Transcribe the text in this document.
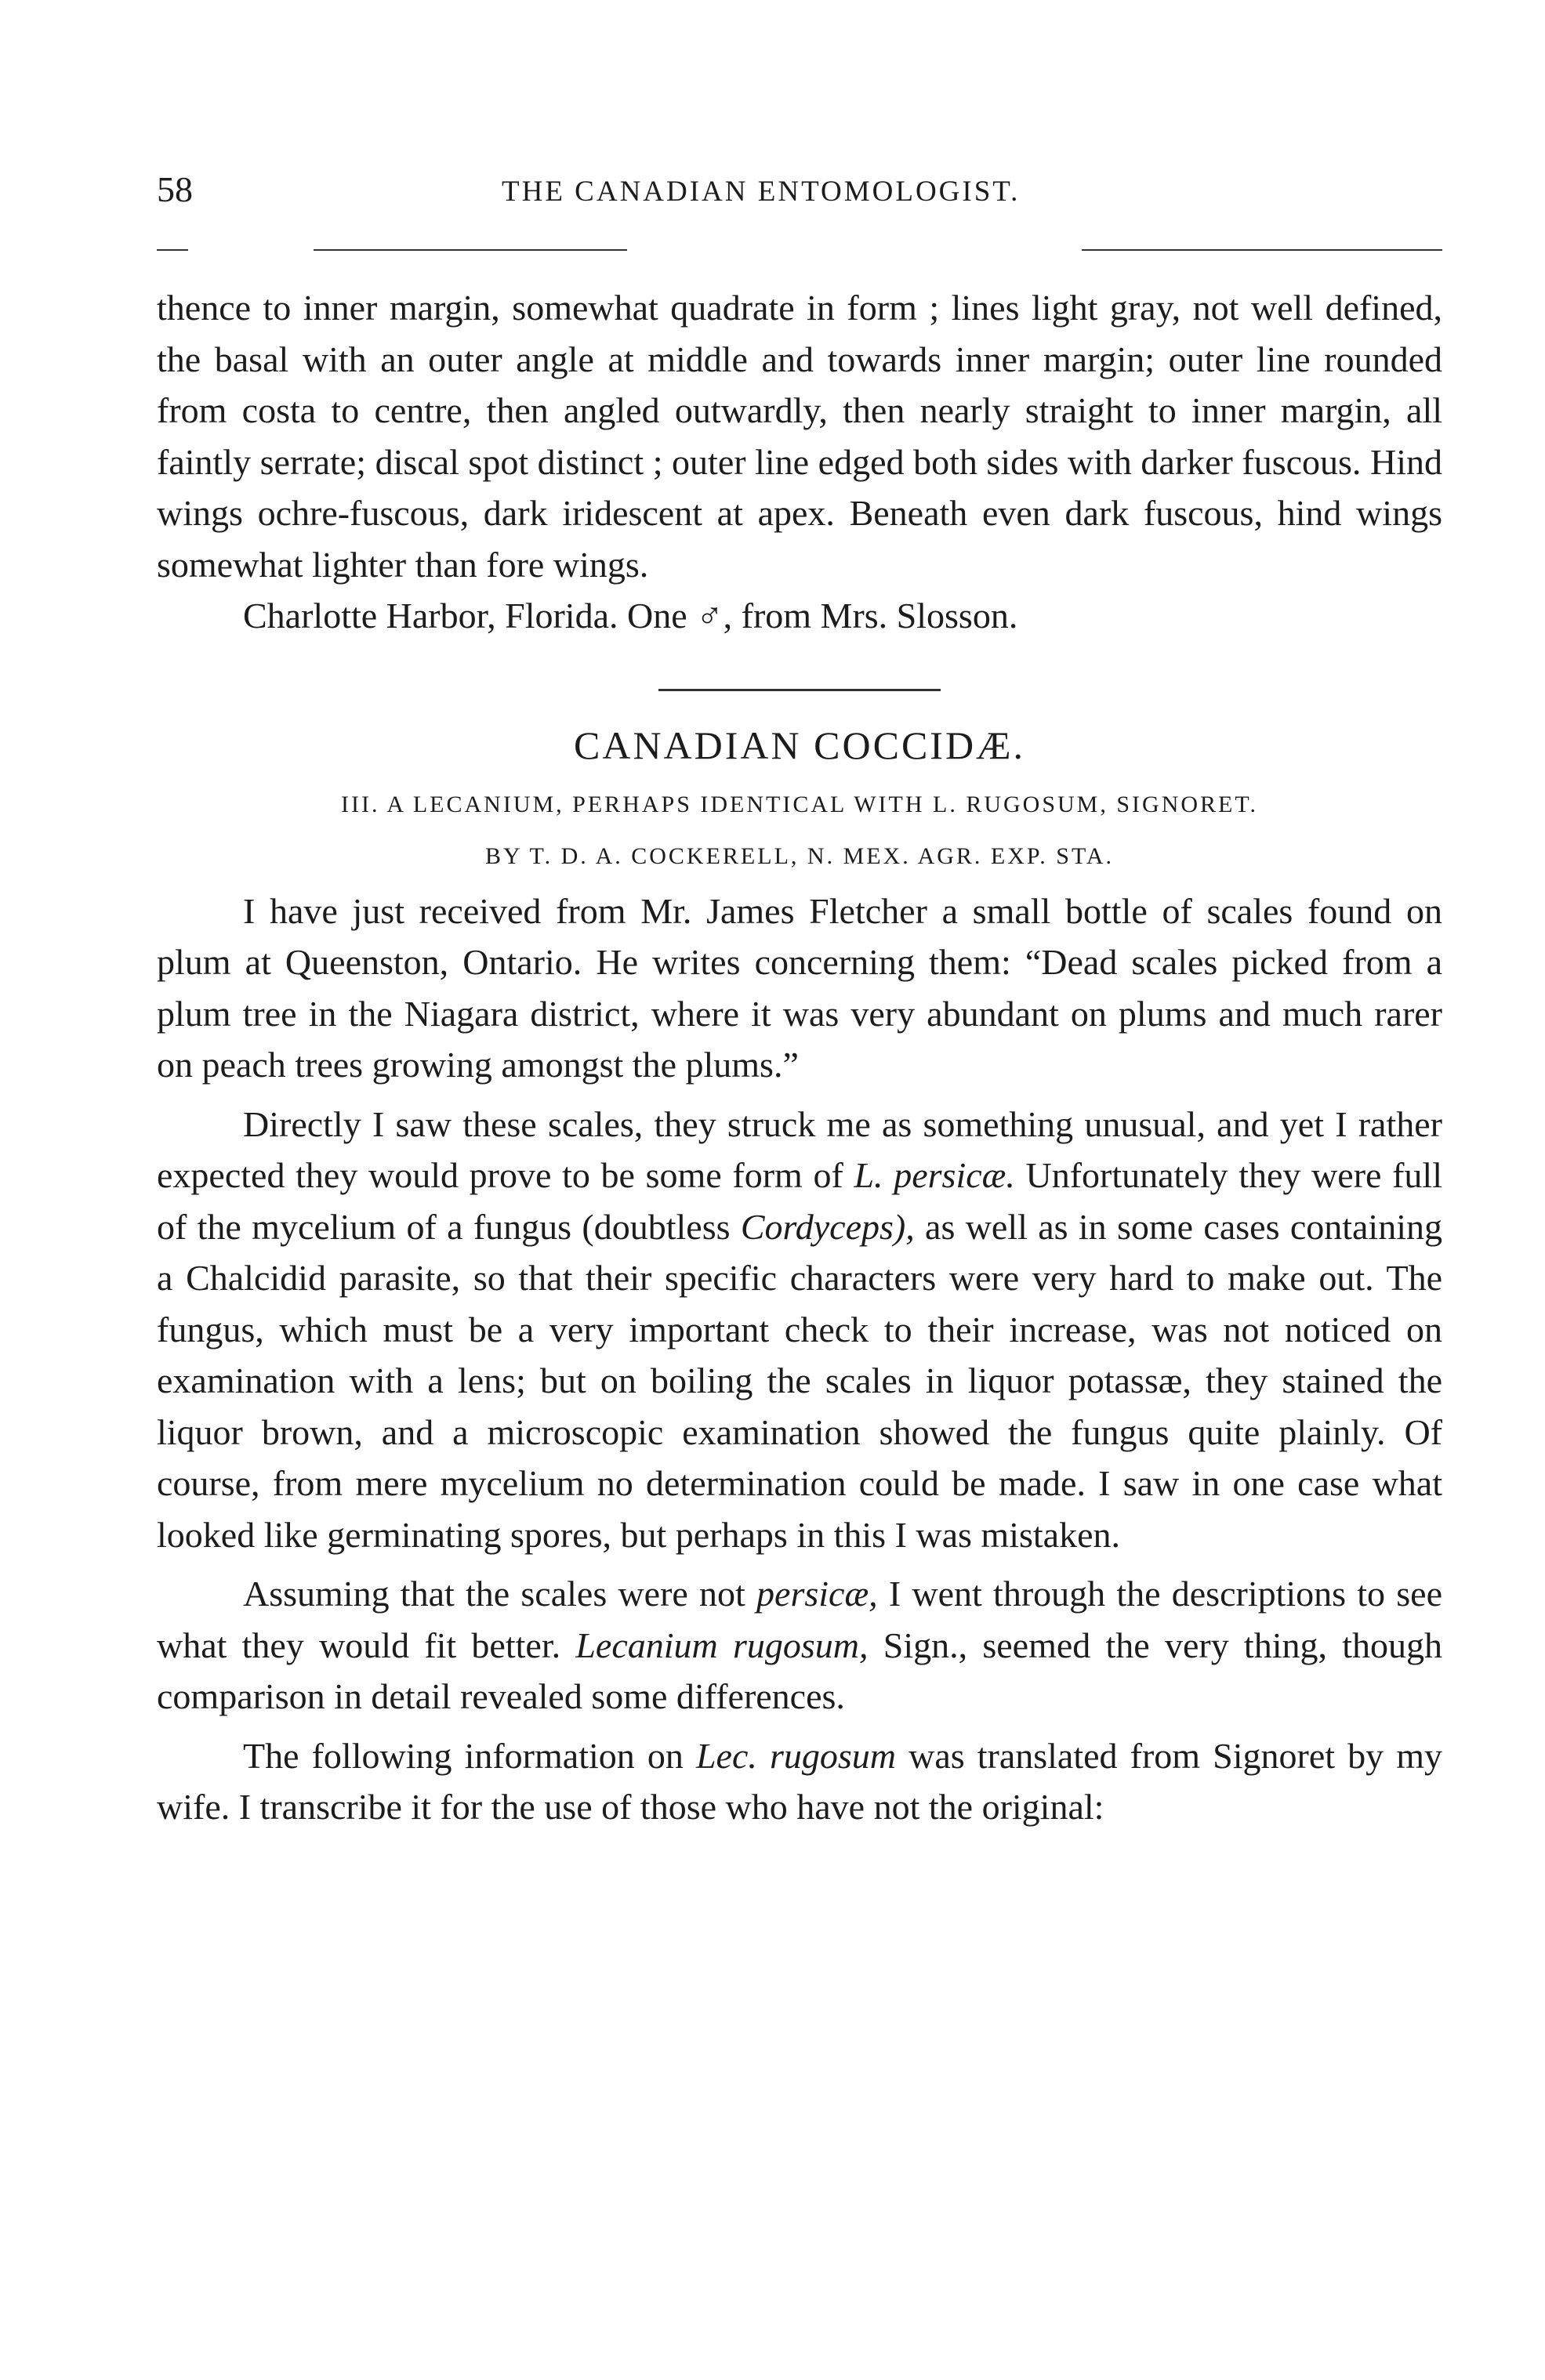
58	THE CANADIAN ENTOMOLOGIST.

thence to inner margin, somewhat quadrate in form ; lines light gray, not well defined, the basal with an outer angle at middle and towards inner margin; outer line rounded from costa to centre, then angled outwardly, then nearly straight to inner margin, all faintly serrate; discal spot distinct ; outer line edged both sides with darker fuscous. Hind wings ochre-fuscous, dark iridescent at apex. Beneath even dark fuscous, hind wings somewhat lighter than fore wings.

Charlotte Harbor, Florida. One ♂, from Mrs. Slosson.

CANADIAN COCCIDÆ.

III. A LECANIUM, PERHAPS IDENTICAL WITH L. RUGOSUM, SIGNORET.

BY T. D. A. COCKERELL, N. MEX. AGR. EXP. STA.

I have just received from Mr. James Fletcher a small bottle of scales found on plum at Queenston, Ontario. He writes concerning them: “Dead scales picked from a plum tree in the Niagara district, where it was very abundant on plums and much rarer on peach trees growing amongst the plums.”

Directly I saw these scales, they struck me as something unusual, and yet I rather expected they would prove to be some form of L. persicæ. Unfortunately they were full of the mycelium of a fungus (doubtless Cordyceps), as well as in some cases containing a Chalcidid parasite, so that their specific characters were very hard to make out. The fungus, which must be a very important check to their increase, was not noticed on examination with a lens; but on boiling the scales in liquor potassæ, they stained the liquor brown, and a microscopic examination showed the fungus quite plainly. Of course, from mere mycelium no determination could be made. I saw in one case what looked like germinating spores, but perhaps in this I was mistaken.

Assuming that the scales were not persicæ, I went through the descriptions to see what they would fit better. Lecanium rugosum, Sign., seemed the very thing, though comparison in detail revealed some differences.

The following information on Lec. rugosum was translated from Signoret by my wife. I transcribe it for the use of those who have not the original:
